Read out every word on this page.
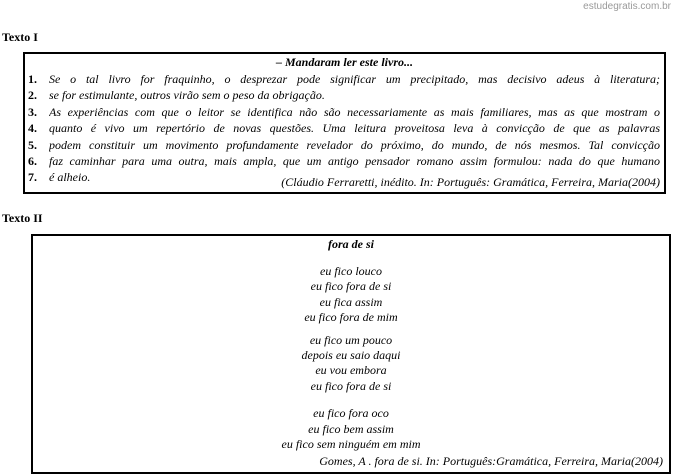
estudegratis.com.br
Texto I
– Mandaram ler este livro...
1. Se o tal livro for fraquinho, o desprezar pode significar um precipitado, mas decisivo adeus à literatura;
2. se for estimulante, outros virão sem o peso da obrigação.
3. As experiências com que o leitor se identifica não são necessariamente as mais familiares, mas as que mostram o
4. quanto é vivo um repertório de novas questões. Uma leitura proveitosa leva à convicção de que as palavras
5. podem constituir um movimento profundamente revelador do próximo, do mundo, de nós mesmos. Tal convicção
6. faz caminhar para uma outra, mais ampla, que um antigo pensador romano assim formulou: nada do que humano
7. é alheio.	(Cláudio Ferraretti, inédito. In: Português: Gramática, Ferreira, Maria(2004)
Texto II
fora de si
eu fico louco
eu fico fora de si
eu fica assim
eu fico fora de mim
eu fico um pouco
depois eu saio daqui
eu vou embora
eu fico fora de si
eu fico fora oco
eu fico bem assim
eu fico sem ninguém em mim
Gomes, A . fora de si. In: Português:Gramática, Ferreira, Maria(2004)
